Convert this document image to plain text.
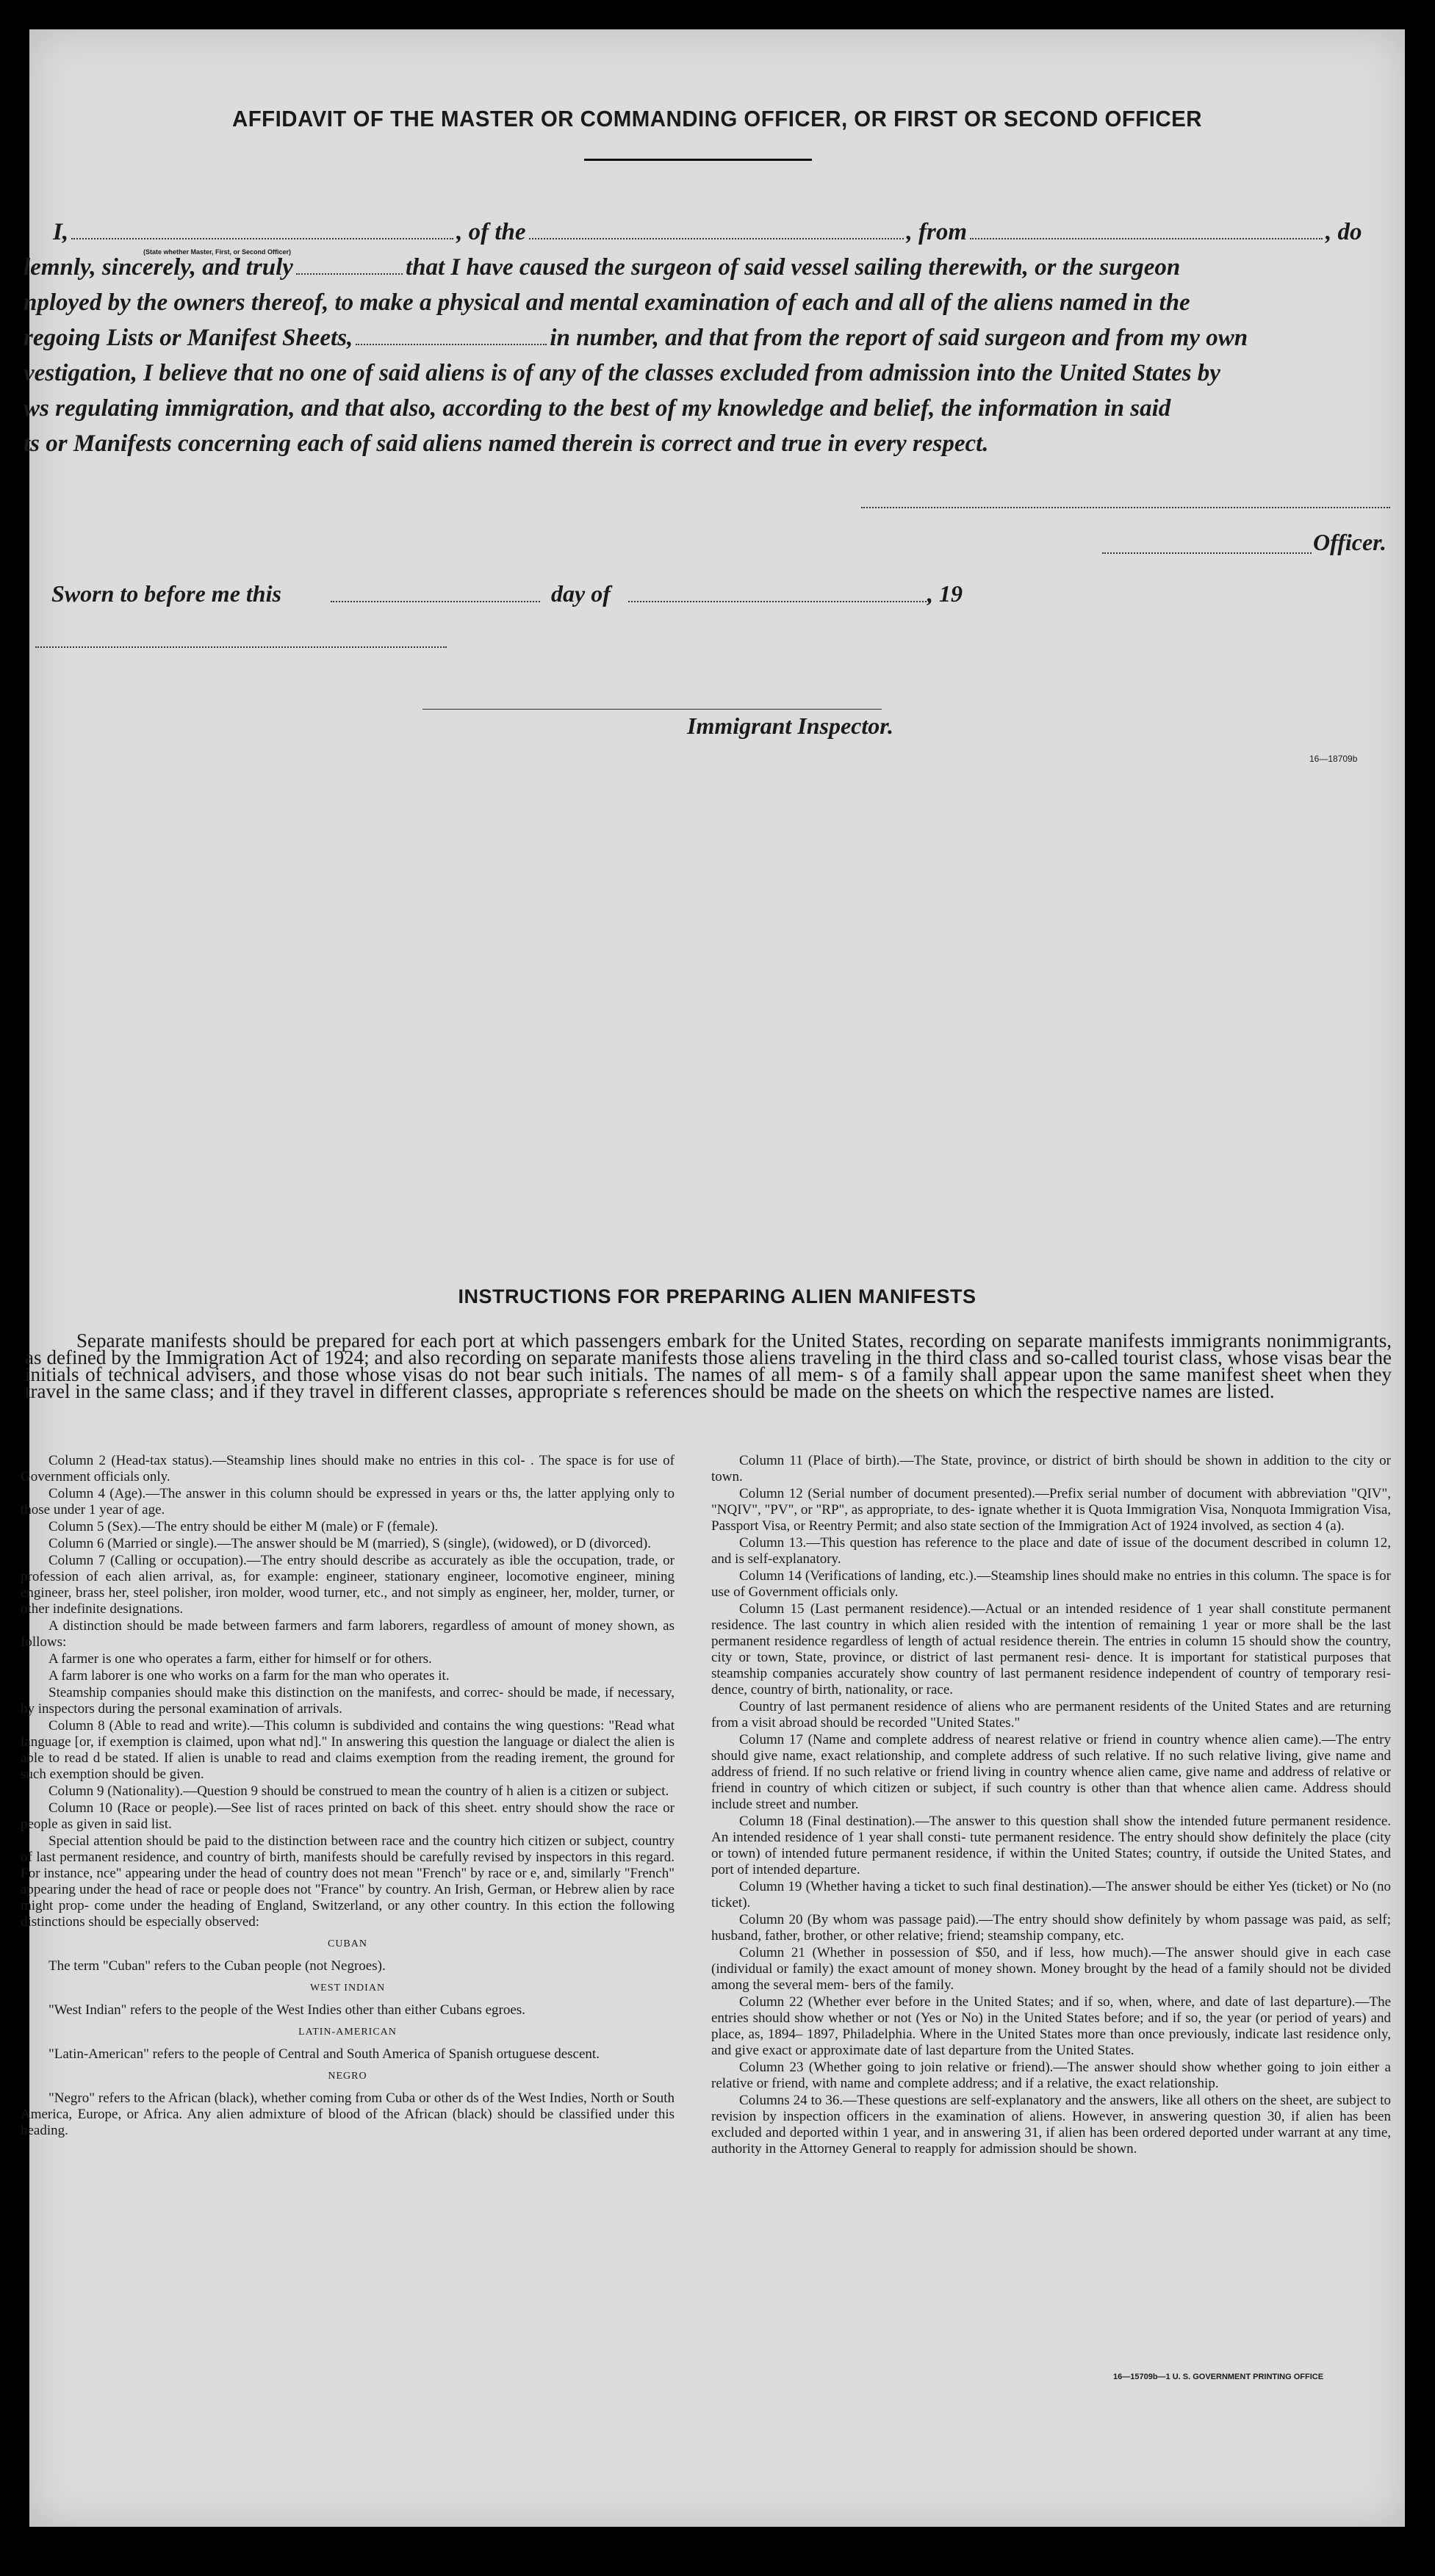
AFFIDAVIT OF THE MASTER OR COMMANDING OFFICER, OR FIRST OR SECOND OFFICER
I,	, of the	, from	, do
(State whether Master, First, or Second Officer)
lemnly, sincerely, and truly	that I have caused the surgeon of said vessel sailing therewith, or the surgeon
nployed by the owners thereof, to make a physical and mental examination of each and all of the aliens named in the
regoing Lists or Manifest Sheets,	in number, and that from the report of said surgeon and from my own
vestigation, I believe that no one of said aliens is of any of the classes excluded from admission into the United States by
ws regulating immigration, and that also, according to the best of my knowledge and belief, the information in said
ts or Manifests concerning each of said aliens named therein is correct and true in every respect.
Officer.
Sworn to before me this	day of	, 19
Immigrant Inspector.
16—18709b
INSTRUCTIONS FOR PREPARING ALIEN MANIFESTS

Separate manifests should be prepared for each port at which passengers embark for the United States, recording on separate manifests immigrants nonimmigrants, as defined by the Immigration Act of 1924; and also recording on separate manifests those aliens traveling in the third class and so-called tourist class, whose visas bear the initials of technical advisers, and those whose visas do not bear such initials. The names of all mem- s of a family shall appear upon the same manifest sheet when they travel in the same class; and if they travel in different classes, appropriate s references should be made on the sheets on which the respective names are listed.

Column 2 (Head-tax status).—Steamship lines should make no entries in this col- . The space is for use of Government officials only.

Column 4 (Age).—The answer in this column should be expressed in years or ths, the latter applying only to those under 1 year of age.

Column 5 (Sex).—The entry should be either M (male) or F (female).

Column 6 (Married or single).—The answer should be M (married), S (single), (widowed), or D (divorced).

Column 7 (Calling or occupation).—The entry should describe as accurately as ible the occupation, trade, or profession of each alien arrival, as, for example: engineer, stationary engineer, locomotive engineer, mining engineer, brass her, steel polisher, iron molder, wood turner, etc., and not simply as engineer, her, molder, turner, or other indefinite designations.

A distinction should be made between farmers and farm laborers, regardless of amount of money shown, as follows:

A farmer is one who operates a farm, either for himself or for others.

A farm laborer is one who works on a farm for the man who operates it.

Steamship companies should make this distinction on the manifests, and correc- should be made, if necessary, by inspectors during the personal examination of arrivals.

Column 8 (Able to read and write).—This column is subdivided and contains the wing questions: "Read what language [or, if exemption is claimed, upon what nd]." In answering this question the language or dialect the alien is able to read d be stated. If alien is unable to read and claims exemption from the reading irement, the ground for such exemption should be given.

Column 9 (Nationality).—Question 9 should be construed to mean the country of h alien is a citizen or subject.

Column 10 (Race or people).—See list of races printed on back of this sheet. entry should show the race or people as given in said list.

Special attention should be paid to the distinction between race and the country hich citizen or subject, country of last permanent residence, and country of birth, manifests should be carefully revised by inspectors in this regard. For instance, nce" appearing under the head of country does not mean "French" by race or e, and, similarly "French" appearing under the head of race or people does not "France" by country. An Irish, German, or Hebrew alien by race might prop- come under the heading of England, Switzerland, or any other country. In this ection the following distinctions should be especially observed:

CUBAN

The term "Cuban" refers to the Cuban people (not Negroes).

WEST INDIAN

"West Indian" refers to the people of the West Indies other than either Cubans egroes.

LATIN-AMERICAN

"Latin-American" refers to the people of Central and South America of Spanish ortuguese descent.

NEGRO

"Negro" refers to the African (black), whether coming from Cuba or other ds of the West Indies, North or South America, Europe, or Africa. Any alien admixture of blood of the African (black) should be classified under this heading.

Column 11 (Place of birth).—The State, province, or district of birth should be shown in addition to the city or town.

Column 12 (Serial number of document presented).—Prefix serial number of document with abbreviation "QIV", "NQIV", "PV", or "RP", as appropriate, to des- ignate whether it is Quota Immigration Visa, Nonquota Immigration Visa, Passport Visa, or Reentry Permit; and also state section of the Immigration Act of 1924 involved, as section 4 (a).

Column 13.—This question has reference to the place and date of issue of the document described in column 12, and is self-explanatory.

Column 14 (Verifications of landing, etc.).—Steamship lines should make no entries in this column. The space is for use of Government officials only.

Column 15 (Last permanent residence).—Actual or an intended residence of 1 year shall constitute permanent residence. The last country in which alien resided with the intention of remaining 1 year or more shall be the last permanent residence regardless of length of actual residence therein. The entries in column 15 should show the country, city or town, State, province, or district of last permanent resi- dence. It is important for statistical purposes that steamship companies accurately show country of last permanent residence independent of country of temporary resi- dence, country of birth, nationality, or race.

Country of last permanent residence of aliens who are permanent residents of the United States and are returning from a visit abroad should be recorded "United States."

Column 17 (Name and complete address of nearest relative or friend in country whence alien came).—The entry should give name, exact relationship, and complete address of such relative. If no such relative living, give name and address of friend. If no such relative or friend living in country whence alien came, give name and address of relative or friend in country of which citizen or subject, if such country is other than that whence alien came. Address should include street and number.

Column 18 (Final destination).—The answer to this question shall show the intended future permanent residence. An intended residence of 1 year shall consti- tute permanent residence. The entry should show definitely the place (city or town) of intended future permanent residence, if within the United States; country, if outside the United States, and port of intended departure.

Column 19 (Whether having a ticket to such final destination).—The answer should be either Yes (ticket) or No (no ticket).

Column 20 (By whom was passage paid).—The entry should show definitely by whom passage was paid, as self; husband, father, brother, or other relative; friend; steamship company, etc.

Column 21 (Whether in possession of $50, and if less, how much).—The answer should give in each case (individual or family) the exact amount of money shown. Money brought by the head of a family should not be divided among the several mem- bers of the family.

Column 22 (Whether ever before in the United States; and if so, when, where, and date of last departure).—The entries should show whether or not (Yes or No) in the United States before; and if so, the year (or period of years) and place, as, 1894– 1897, Philadelphia. Where in the United States more than once previously, indicate last residence only, and give exact or approximate date of last departure from the United States.

Column 23 (Whether going to join relative or friend).—The answer should show whether going to join either a relative or friend, with name and complete address; and if a relative, the exact relationship.

Columns 24 to 36.—These questions are self-explanatory and the answers, like all others on the sheet, are subject to revision by inspection officers in the examination of aliens. However, in answering question 30, if alien has been excluded and deported within 1 year, and in answering 31, if alien has been ordered deported under warrant at any time, authority in the Attorney General to reapply for admission should be shown.

16—15709b—1 U. S. GOVERNMENT PRINTING OFFICE
